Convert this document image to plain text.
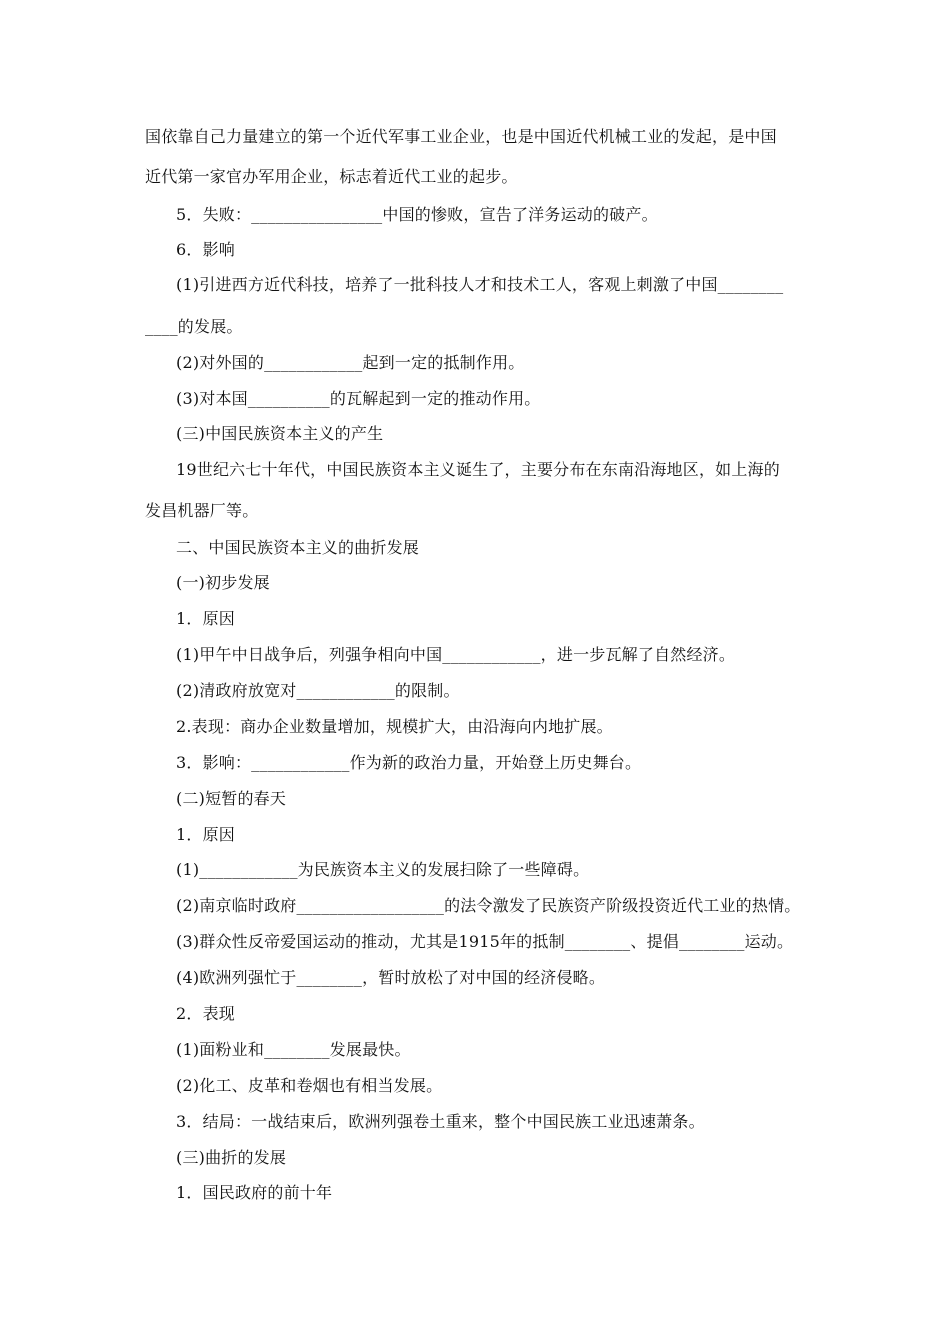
国依靠自己力量建立的第一个近代军事工业企业，也是中国近代机械工业的发起，是中国
近代第一家官办军用企业，标志着近代工业的起步。
5．失败：________________中国的惨败，宣告了洋务运动的破产。
6．影响
(1)引进西方近代科技，培养了一批科技人才和技术工人，客观上刺激了中国________
____的发展。
(2)对外国的____________起到一定的抵制作用。
(3)对本国__________的瓦解起到一定的推动作用。
(三)中国民族资本主义的产生
19世纪六七十年代，中国民族资本主义诞生了，主要分布在东南沿海地区，如上海的
发昌机器厂等。
二、中国民族资本主义的曲折发展
(一)初步发展
1．原因
(1)甲午中日战争后，列强争相向中国____________，进一步瓦解了自然经济。
(2)清政府放宽对____________的限制。
2.表现：商办企业数量增加，规模扩大，由沿海向内地扩展。
3．影响：____________作为新的政治力量，开始登上历史舞台。
(二)短暂的春天
1．原因
(1)____________为民族资本主义的发展扫除了一些障碍。
(2)南京临时政府__________________的法令激发了民族资产阶级投资近代工业的热情。
(3)群众性反帝爱国运动的推动，尤其是1915年的抵制________、提倡________运动。
(4)欧洲列强忙于________，暂时放松了对中国的经济侵略。
2．表现
(1)面粉业和________发展最快。
(2)化工、皮革和卷烟也有相当发展。
3．结局：一战结束后，欧洲列强卷土重来，整个中国民族工业迅速萧条。
(三)曲折的发展
1．国民政府的前十年
